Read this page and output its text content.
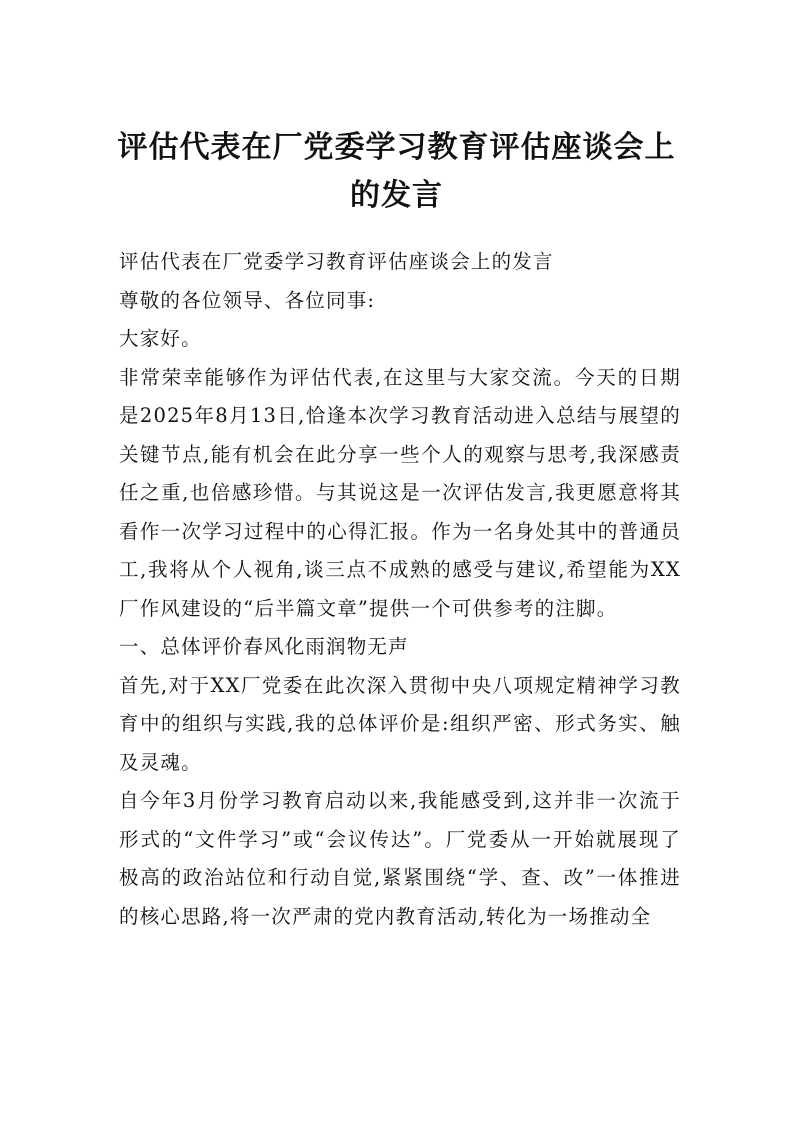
评估代表在厂党委学习教育评估座谈会上的发言

评估代表在厂党委学习教育评估座谈会上的发言

尊敬的各位领导、各位同事:

大家好。

非常荣幸能够作为评估代表,在这里与大家交流。今天的日期是2025年8月13日,恰逢本次学习教育活动进入总结与展望的关键节点,能有机会在此分享一些个人的观察与思考,我深感责任之重,也倍感珍惜。与其说这是一次评估发言,我更愿意将其看作一次学习过程中的心得汇报。作为一名身处其中的普通员工,我将从个人视角,谈三点不成熟的感受与建议,希望能为XX厂作风建设的“后半篇文章”提供一个可供参考的注脚。

一、总体评价春风化雨润物无声

首先,对于XX厂党委在此次深入贯彻中央八项规定精神学习教育中的组织与实践,我的总体评价是:组织严密、形式务实、触及灵魂。

自今年3月份学习教育启动以来,我能感受到,这并非一次流于形式的“文件学习”或“会议传达”。厂党委从一开始就展现了极高的政治站位和行动自觉,紧紧围绕“学、查、改”一体推进的核心思路,将一次严肃的党内教育活动,转化为一场推动全
